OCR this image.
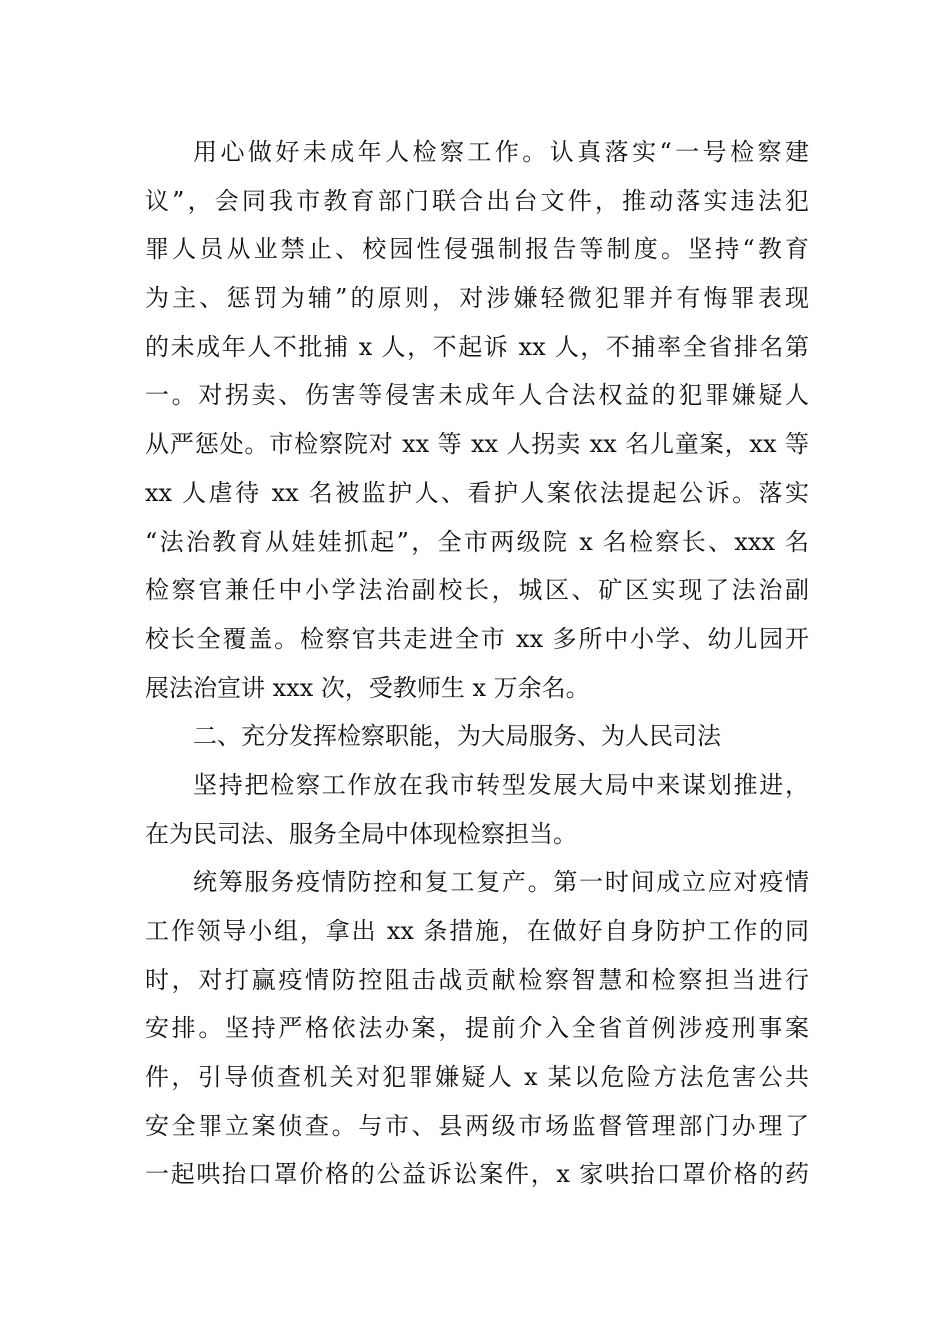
用心做好未成年人检察工作。认真落实“一号检察建
议”，会同我市教育部门联合出台文件，推动落实违法犯
罪人员从业禁止、校园性侵强制报告等制度。坚持“教育
为主、惩罚为辅”的原则，对涉嫌轻微犯罪并有悔罪表现
的未成年人不批捕 x 人，不起诉 xx 人，不捕率全省排名第
一。对拐卖、伤害等侵害未成年人合法权益的犯罪嫌疑人
从严惩处。市检察院对 xx 等 xx 人拐卖 xx 名儿童案，xx 等
xx 人虐待 xx 名被监护人、看护人案依法提起公诉。落实
“法治教育从娃娃抓起”，全市两级院 x 名检察长、xxx 名
检察官兼任中小学法治副校长，城区、矿区实现了法治副
校长全覆盖。检察官共走进全市 xx 多所中小学、幼儿园开
展法治宣讲 xxx 次，受教师生 x 万余名。
二、充分发挥检察职能，为大局服务、为人民司法
坚持把检察工作放在我市转型发展大局中来谋划推进，
在为民司法、服务全局中体现检察担当。
统筹服务疫情防控和复工复产。第一时间成立应对疫情
工作领导小组，拿出 xx 条措施，在做好自身防护工作的同
时，对打赢疫情防控阻击战贡献检察智慧和检察担当进行
安排。坚持严格依法办案，提前介入全省首例涉疫刑事案
件，引导侦查机关对犯罪嫌疑人 x 某以危险方法危害公共
安全罪立案侦查。与市、县两级市场监督管理部门办理了
一起哄抬口罩价格的公益诉讼案件，x 家哄抬口罩价格的药
